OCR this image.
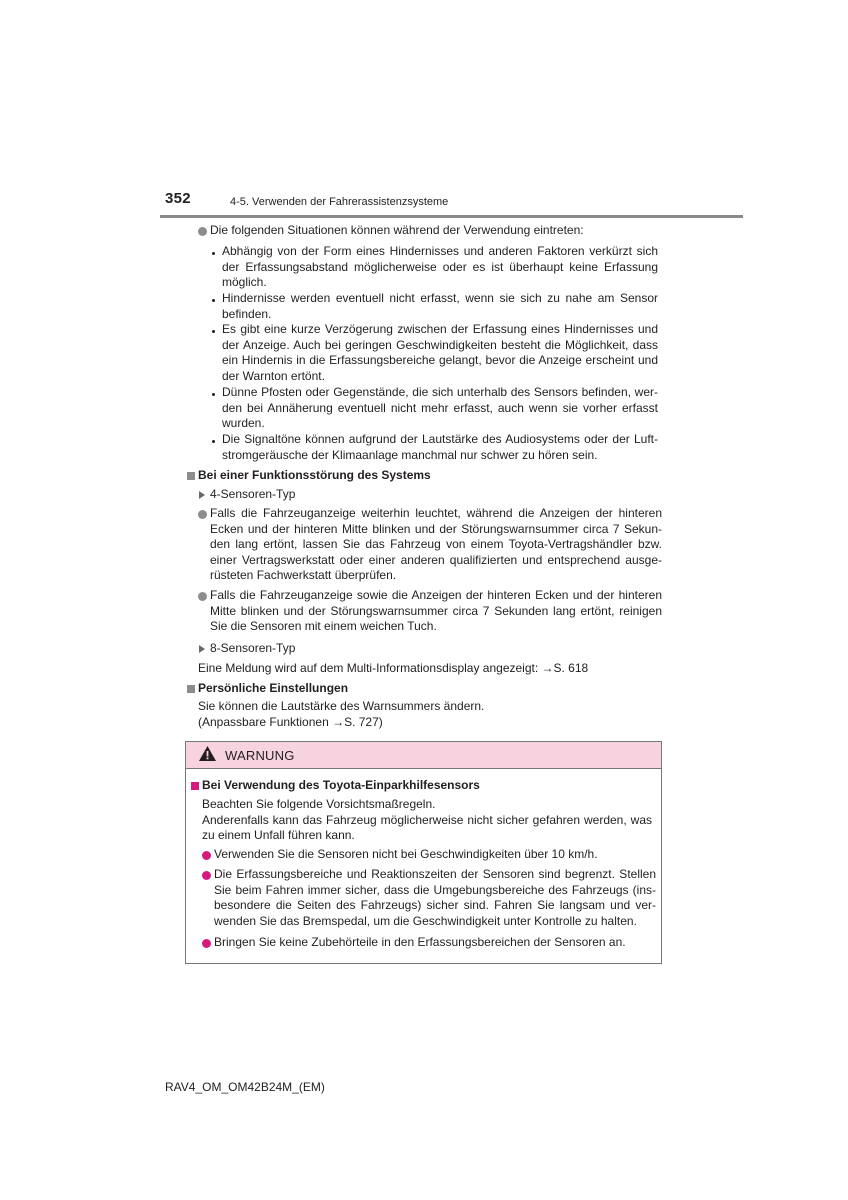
352	4-5. Verwenden der Fahrerassistenzsysteme
Die folgenden Situationen können während der Verwendung eintreten:
Abhängig von der Form eines Hindernisses und anderen Faktoren verkürzt sich
der Erfassungsabstand möglicherweise oder es ist überhaupt keine Erfassung
möglich.
Hindernisse werden eventuell nicht erfasst, wenn sie sich zu nahe am Sensor
befinden.
Es gibt eine kurze Verzögerung zwischen der Erfassung eines Hindernisses und
der Anzeige. Auch bei geringen Geschwindigkeiten besteht die Möglichkeit, dass
ein Hindernis in die Erfassungsbereiche gelangt, bevor die Anzeige erscheint und
der Warnton ertönt.
Dünne Pfosten oder Gegenstände, die sich unterhalb des Sensors befinden, wer-
den bei Annäherung eventuell nicht mehr erfasst, auch wenn sie vorher erfasst
wurden.
Die Signaltöne können aufgrund der Lautstärke des Audiosystems oder der Luft-
stromgeräusche der Klimaanlage manchmal nur schwer zu hören sein.
Bei einer Funktionsstörung des Systems
4-Sensoren-Typ
Falls die Fahrzeuganzeige weiterhin leuchtet, während die Anzeigen der hinteren
Ecken und der hinteren Mitte blinken und der Störungswarnsummer circa 7 Sekun-
den lang ertönt, lassen Sie das Fahrzeug von einem Toyota-Vertragshändler bzw.
einer Vertragswerkstatt oder einer anderen qualifizierten und entsprechend ausge-
rüsteten Fachwerkstatt überprüfen.
Falls die Fahrzeuganzeige sowie die Anzeigen der hinteren Ecken und der hinteren
Mitte blinken und der Störungswarnsummer circa 7 Sekunden lang ertönt, reinigen
Sie die Sensoren mit einem weichen Tuch.
8-Sensoren-Typ
Eine Meldung wird auf dem Multi-Informationsdisplay angezeigt: →S. 618
Persönliche Einstellungen
Sie können die Lautstärke des Warnsummers ändern.
(Anpassbare Funktionen →S. 727)
WARNUNG
Bei Verwendung des Toyota-Einparkhilfesensors
Beachten Sie folgende Vorsichtsmaßregeln.
Anderenfalls kann das Fahrzeug möglicherweise nicht sicher gefahren werden, was
zu einem Unfall führen kann.
Verwenden Sie die Sensoren nicht bei Geschwindigkeiten über 10 km/h.
Die Erfassungsbereiche und Reaktionszeiten der Sensoren sind begrenzt. Stellen
Sie beim Fahren immer sicher, dass die Umgebungsbereiche des Fahrzeugs (ins-
besondere die Seiten des Fahrzeugs) sicher sind. Fahren Sie langsam und ver-
wenden Sie das Bremspedal, um die Geschwindigkeit unter Kontrolle zu halten.
Bringen Sie keine Zubehörteile in den Erfassungsbereichen der Sensoren an.
RAV4_OM_OM42B24M_(EM)
